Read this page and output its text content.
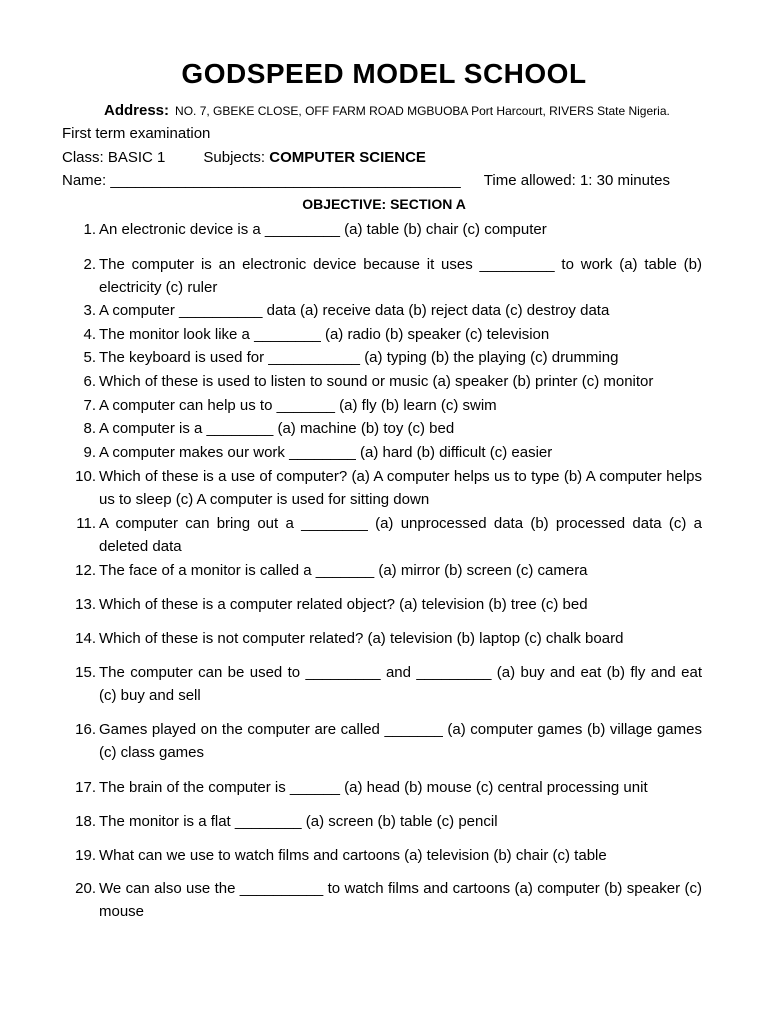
GODSPEED MODEL SCHOOL
Address: NO. 7, GBEKE CLOSE, OFF FARM ROAD MGBUOBA Port Harcourt, RIVERS State Nigeria.
First term examination
Class: BASIC 1	Subjects: COMPUTER SCIENCE
Name: __________________________________________ Time allowed: 1: 30 minutes
OBJECTIVE: SECTION A
1. An electronic device is a _________ (a) table (b) chair (c) computer
2. The computer is an electronic device because it uses _________ to work (a) table (b) electricity (c) ruler
3. A computer __________ data (a) receive data (b) reject data (c) destroy data
4. The monitor look like a ________ (a) radio (b) speaker (c) television
5. The keyboard is used for ___________ (a) typing (b) the playing (c) drumming
6. Which of these is used to listen to sound or music (a) speaker (b) printer (c) monitor
7. A computer can help us to _______ (a) fly (b) learn (c) swim
8. A computer is a ________ (a) machine (b) toy (c) bed
9. A computer makes our work ________ (a) hard (b) difficult (c) easier
10. Which of these is a use of computer? (a) A computer helps us to type (b) A computer helps us to sleep (c) A computer is used for sitting down
11. A computer can bring out a ________ (a) unprocessed data (b) processed data (c) a deleted data
12. The face of a monitor is called a _______ (a) mirror (b) screen (c) camera
13. Which of these is a computer related object? (a) television (b) tree (c) bed
14. Which of these is not computer related? (a) television (b) laptop (c) chalk board
15. The computer can be used to _________ and _________ (a) buy and eat (b) fly and eat (c) buy and sell
16. Games played on the computer are called _______ (a) computer games (b) village games (c) class games
17. The brain of the computer is ______ (a) head (b) mouse (c) central processing unit
18. The monitor is a flat ________ (a) screen (b) table (c) pencil
19. What can we use to watch films and cartoons (a) television (b) chair (c) table
20. We can also use the __________ to watch films and cartoons (a) computer (b) speaker (c) mouse
